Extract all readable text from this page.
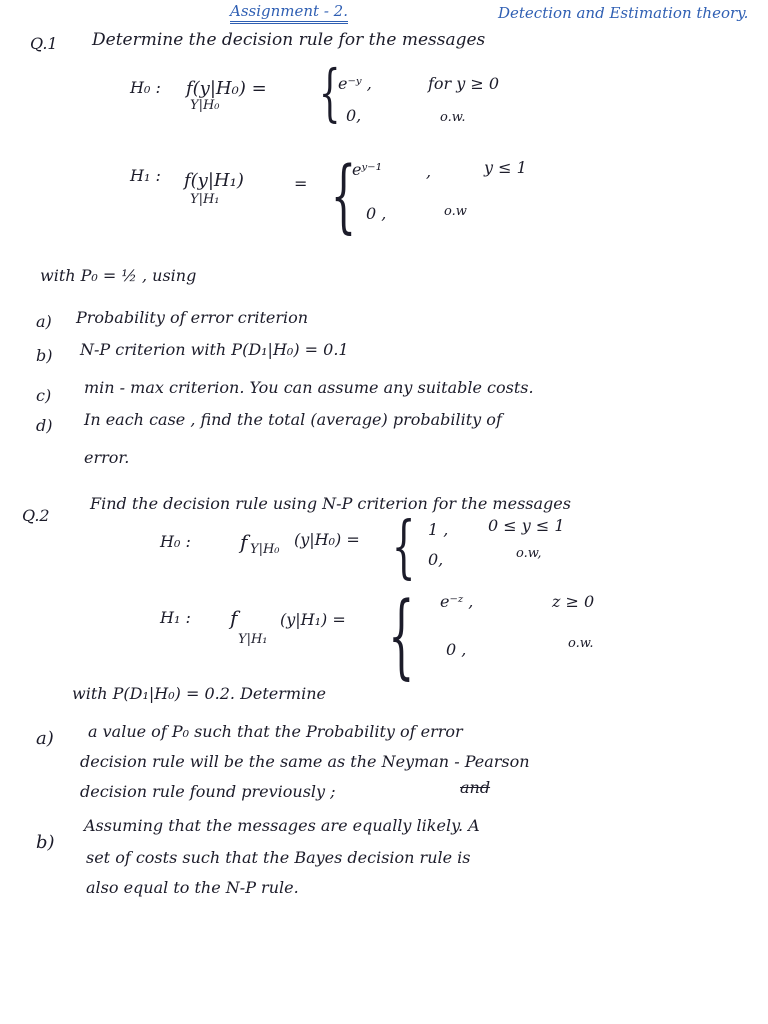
Assignment - 2.	Detection and Estimation theory.
Q.1 Determine the decision rule for the messages
H₀ : f(y|H₀) =
Y|H₀ {
e⁻ʸ ,	for y ≥ 0
0,	o.w.
H₁ : f(y|H₁)
Y|H₁
= {
eʸ⁻¹	,	y ≤ 1
0 ,	o.w
with P₀ = ½ , using
a) Probability of error criterion
b) N-P criterion with P(D₁|H₀) = 0.1
c) min - max criterion. You can assume any suitable costs.
d) In each case , find the total (average) probability of
error.
Q.2
Find the decision rule using N-P criterion for the messages
H₀ : f Y|H₀
(y|H₀) = { 1 , 0 ≤ y ≤ 1
0,	o.w,
H₁ : f
Y|H₁
(y|H₁) = { e⁻ᶻ ,	z ≥ 0
0 ,	o.w.
with P(D₁|H₀) = 0.2. Determine
a) a value of P₀ such that the Probability of error
decision rule will be the same as the Neyman - Pearson
decision rule found previously ;	and
b)
Assuming that the messages are equally likely. A
set of costs such that the Bayes decision rule is
also equal to the N-P rule.
